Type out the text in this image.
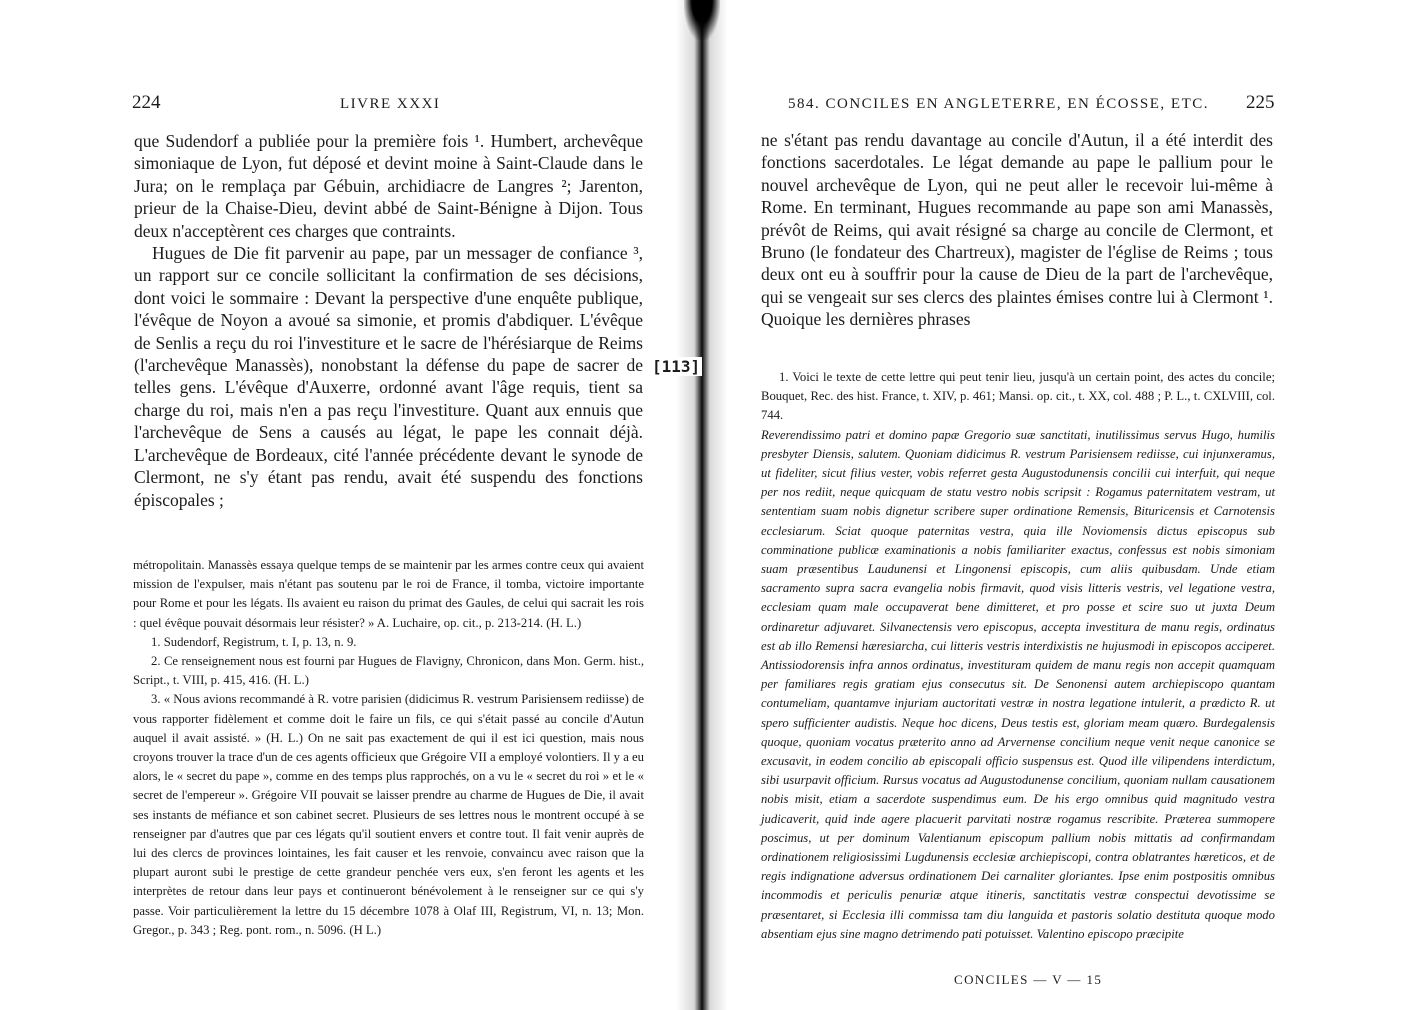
224	LIVRE XXXI

que Sudendorf a publiée pour la première fois ¹. Humbert, archevêque simoniaque de Lyon, fut déposé et devint moine à Saint-Claude dans le Jura; on le remplaça par Gébuin, archidiacre de Langres ²; Jarenton, prieur de la Chaise-Dieu, devint abbé de Saint-Bénigne à Dijon. Tous deux n'acceptèrent ces charges que contraints.

Hugues de Die fit parvenir au pape, par un messager de confiance ³, un rapport sur ce concile sollicitant la confirmation de ses décisions, dont voici le sommaire : Devant la perspective d'une enquête publique, l'évêque de Noyon a avoué sa simonie, et promis d'abdiquer. L'évêque de Senlis a reçu du roi l'investiture et le sacre de l'hérésiarque de Reims (l'archevêque Manassès), nonobstant la défense du pape de sacrer de telles gens. L'évêque d'Auxerre, ordonné avant l'âge requis, tient sa charge du roi, mais n'en a pas reçu l'investiture. Quant aux ennuis que l'archevêque de Sens a causés au légat, le pape les connait déjà. L'archevêque de Bordeaux, cité l'année précédente devant le synode de Clermont, ne s'y étant pas rendu, avait été suspendu des fonctions épiscopales ;

métropolitain. Manassès essaya quelque temps de se maintenir par les armes contre ceux qui avaient mission de l'expulser, mais n'étant pas soutenu par le roi de France, il tomba, victoire importante pour Rome et pour les légats. Ils avaient eu raison du primat des Gaules, de celui qui sacrait les rois : quel évêque pouvait désormais leur résister? » A. Luchaire, op. cit., p. 213-214. (H. L.)

1. Sudendorf, Registrum, t. I, p. 13, n. 9.

2. Ce renseignement nous est fourni par Hugues de Flavigny, Chronicon, dans Mon. Germ. hist., Script., t. VIII, p. 415, 416. (H. L.)

3. « Nous avions recommandé à R. votre parisien (didicimus R. vestrum Parisiensem rediisse) de vous rapporter fidèlement et comme doit le faire un fils, ce qui s'était passé au concile d'Autun auquel il avait assisté. » (H. L.) On ne sait pas exactement de qui il est ici question, mais nous croyons trouver la trace d'un de ces agents officieux que Grégoire VII a employé volontiers. Il y a eu alors, le « secret du pape », comme en des temps plus rapprochés, on a vu le « secret du roi » et le « secret de l'empereur ». Grégoire VII pouvait se laisser prendre au charme de Hugues de Die, il avait ses instants de méfiance et son cabinet secret. Plusieurs de ses lettres nous le montrent occupé à se renseigner par d'autres que par ces légats qu'il soutient envers et contre tout. Il fait venir auprès de lui des clercs de provinces lointaines, les fait causer et les renvoie, convaincu avec raison que la plupart auront subi le prestige de cette grandeur penchée vers eux, s'en feront les agents et les interprètes de retour dans leur pays et continueront bénévolement à le renseigner sur ce qui s'y passe. Voir particulièrement la lettre du 15 décembre 1078 à Olaf III, Registrum, VI, n. 13; Mon. Gregor., p. 343 ; Reg. pont. rom., n. 5096. (H L.)

584. CONCILES EN ANGLETERRE, EN ÉCOSSE, ETC. 225

ne s'étant pas rendu davantage au concile d'Autun, il a été interdit des fonctions sacerdotales. Le légat demande au pape le pallium pour le nouvel archevêque de Lyon, qui ne peut aller le recevoir lui-même à Rome. En terminant, Hugues recommande au pape son ami Manassès, prévôt de Reims, qui avait résigné sa charge au concile de Clermont, et Bruno (le fondateur des Chartreux), magister de l'église de Reims ; tous deux ont eu à souffrir pour la cause de Dieu de la part de l'archevêque, qui se vengeait sur ses clercs des plaintes émises contre lui à Clermont ¹. Quoique les dernières phrases

1. Voici le texte de cette lettre qui peut tenir lieu, jusqu'à un certain point, des actes du concile; Bouquet, Rec. des hist. France, t. XIV, p. 461; Mansi. op. cit., t. XX, col. 488 ; P. L., t. CXLVIII, col. 744.

Reverendissimo patri et domino papæ Gregorio suæ sanctitati, inutilissimus servus Hugo, humilis presbyter Diensis, salutem. Quoniam didicimus R. vestrum Parisiensem rediisse, cui injunxeramus, ut fideliter, sicut filius vester, vobis referret gesta Augustodunensis concilii cui interfuit, qui neque per nos rediit, neque quicquam de statu vestro nobis scripsit : Rogamus paternitatem vestram, ut sententiam suam nobis dignetur scribere super ordinatione Remensis, Bituricensis et Carnotensis ecclesiarum. Sciat quoque paternitas vestra, quia ille Noviomensis dictus episcopus sub comminatione publicæ examinationis a nobis familiariter exactus, confessus est nobis simoniam suam præsentibus Laudunensi et Lingonensi episcopis, cum aliis quibusdam. Unde etiam sacramento supra sacra evangelia nobis firmavit, quod visis litteris vestris, vel legatione vestra, ecclesiam quam male occupaverat bene dimitteret, et pro posse et scire suo ut juxta Deum ordinaretur adjuvaret. Silvanectensis vero episcopus, accepta investitura de manu regis, ordinatus est ab illo Remensi hæresiarcha, cui litteris vestris interdixistis ne hujusmodi in episcopos acciperet. Antissiodorensis infra annos ordinatus, investituram quidem de manu regis non accepit quamquam per familiares regis gratiam ejus consecutus sit. De Senonensi autem archiepiscopo quantam contumeliam, quantamve injuriam auctoritati vestræ in nostra legatione intulerit, a prædicto R. ut spero sufficienter audistis. Neque hoc dicens, Deus testis est, gloriam meam quæro. Burdegalensis quoque, quoniam vocatus præterito anno ad Arvernense concilium neque venit neque canonice se excusavit, in eodem concilio ab episcopali officio suspensus est. Quod ille vilipendens interdictum, sibi usurpavit officium. Rursus vocatus ad Augustodunense concilium, quoniam nullam causationem nobis misit, etiam a sacerdote suspendimus eum. De his ergo omnibus quid magnitudo vestra judicaverit, quid inde agere placuerit parvitati nostræ rogamus rescribite. Præterea summopere poscimus, ut per dominum Valentianum episcopum pallium nobis mittatis ad confirmandam ordinationem religiosissimi Lugdunensis ecclesiæ archiepiscopi, contra oblatrantes hæreticos, et de regis indignatione adversus ordinationem Dei carnaliter gloriantes. Ipse enim postpositis omnibus incommodis et periculis penuriæ atque itineris, sanctitatis vestræ conspectui devotissime se præsentaret, si Ecclesia illi commissa tam diu languida et pastoris solatio destituta quoque modo absentiam ejus sine magno detrimendo pati potuisset. Valentino episcopo præcipite

CONCILES — V — 15
[113]
